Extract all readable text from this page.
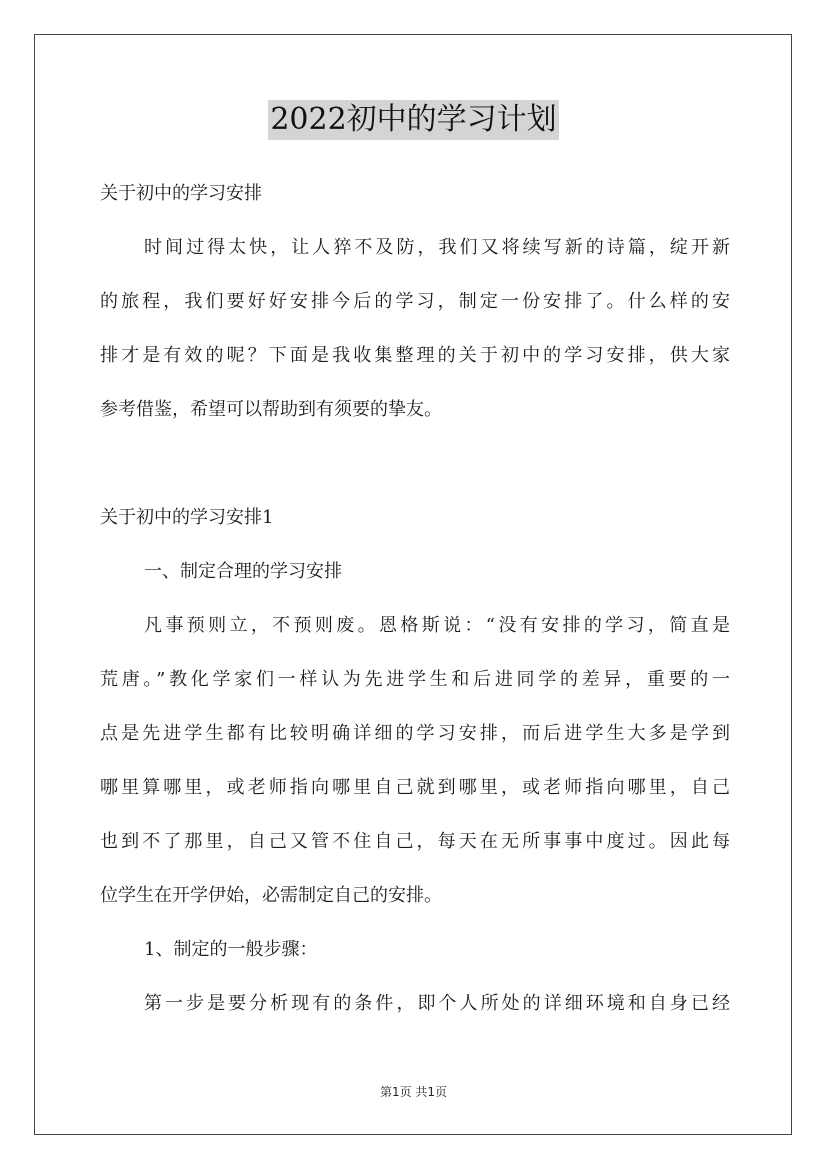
2022初中的学习计划
关于初中的学习安排
时间过得太快，让人猝不及防，我们又将续写新的诗篇，绽开新
的旅程，我们要好好安排今后的学习，制定一份安排了。什么样的安
排才是有效的呢？下面是我收集整理的关于初中的学习安排，供大家
参考借鉴，希望可以帮助到有须要的挚友。
关于初中的学习安排1
一、制定合理的学习安排
凡事预则立，不预则废。恩格斯说：“没有安排的学习，简直是
荒唐。”教化学家们一样认为先进学生和后进同学的差异，重要的一
点是先进学生都有比较明确详细的学习安排，而后进学生大多是学到
哪里算哪里，或老师指向哪里自己就到哪里，或老师指向哪里，自己
也到不了那里，自己又管不住自己，每天在无所事事中度过。因此每
位学生在开学伊始，必需制定自己的安排。
1、制定的一般步骤：
第一步是要分析现有的条件，即个人所处的详细环境和自身已经
第1页 共1页
